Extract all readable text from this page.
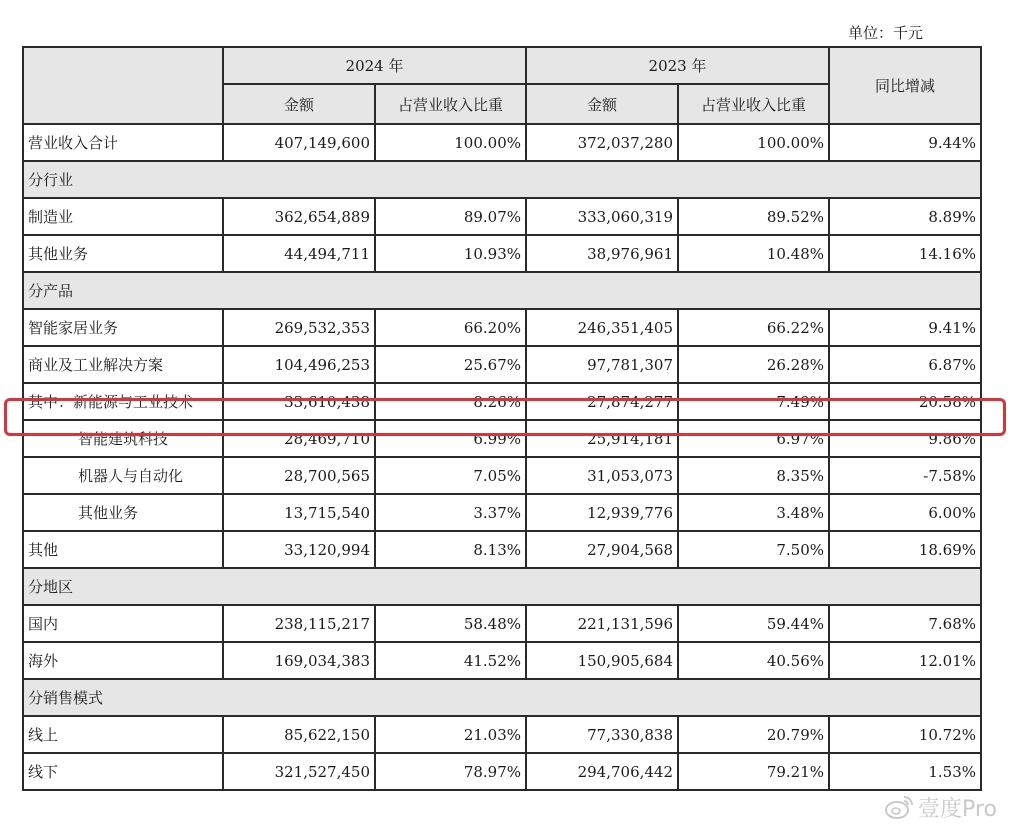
单位：千元
	2024 年		2023 年		同比增减
	金额	占营业收入比重	金额	占营业收入比重	
营业收入合计	407,149,600	100.00%	372,037,280	100.00%	9.44%
分行业					
制造业	362,654,889	89.07%	333,060,319	89.52%	8.89%
其他业务	44,494,711	10.93%	38,976,961	10.48%	14.16%
分产品					
智能家居业务	269,532,353	66.20%	246,351,405	66.22%	9.41%
商业及工业解决方案	104,496,253	25.67%	97,781,307	26.28%	6.87%
其中：新能源与工业技术	33,610,438	8.26%	27,874,277	7.49%	20.58%
智能建筑科技	28,469,710	6.99%	25,914,181	6.97%	9.86%
机器人与自动化	28,700,565	7.05%	31,053,073	8.35%	-7.58%
其他业务	13,715,540	3.37%	12,939,776	3.48%	6.00%
其他	33,120,994	8.13%	27,904,568	7.50%	18.69%
分地区					
国内	238,115,217	58.48%	221,131,596	59.44%	7.68%
海外	169,034,383	41.52%	150,905,684	40.56%	12.01%
分销售模式					
线上	85,622,150	21.03%	77,330,838	20.79%	10.72%
线下	321,527,450	78.97%	294,706,442	79.21%	1.53%
壹度Pro
